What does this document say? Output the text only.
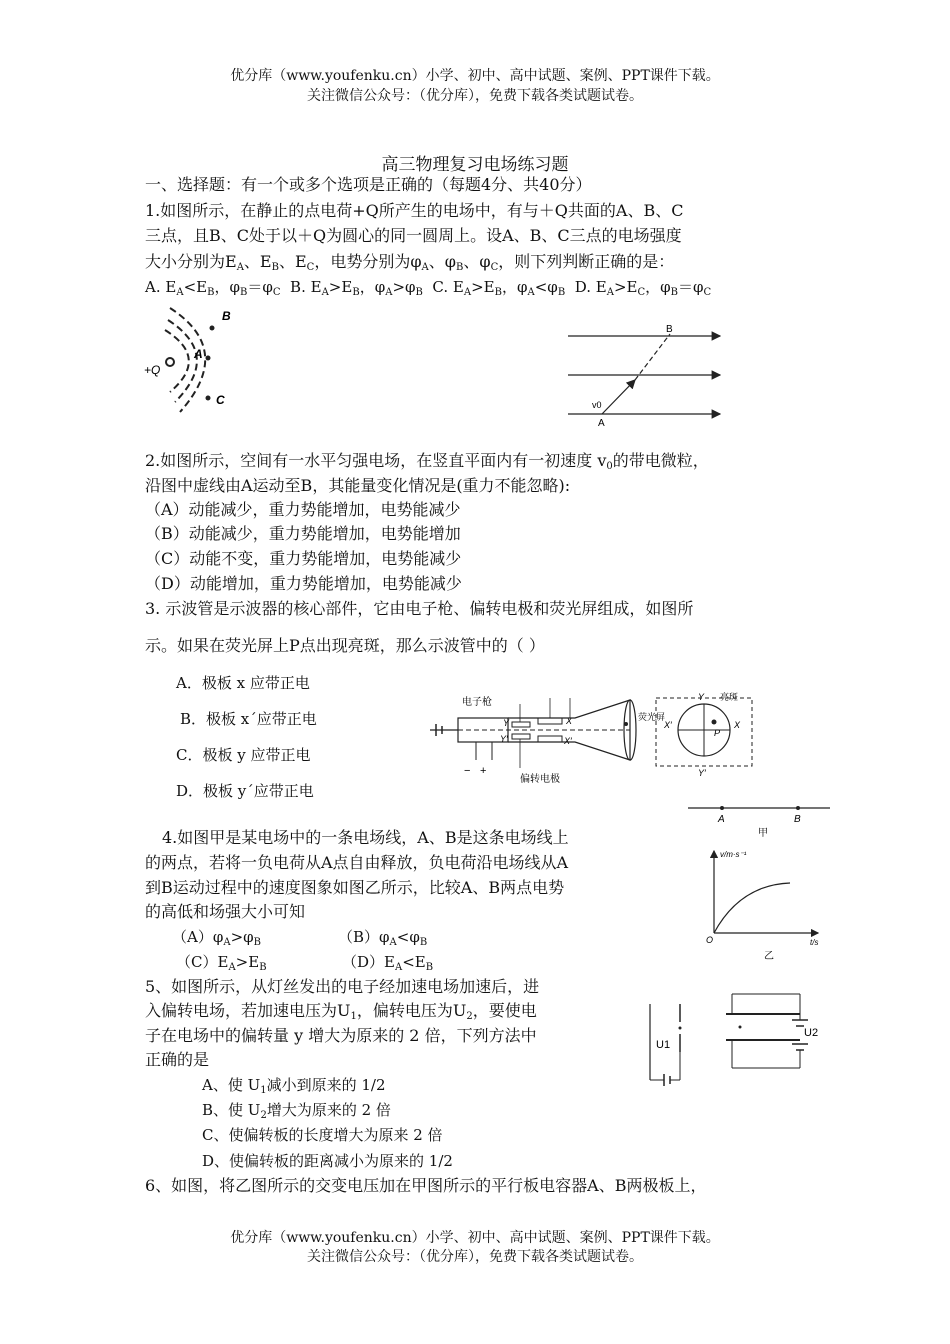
优分库（www.youfenku.cn）小学、初中、高中试题、案例、PPT课件下载。
关注微信公众号：（优分库），免费下载各类试题试卷。
高三物理复习电场练习题
一、选择题：有一个或多个选项是正确的（每题4分、共40分）
1.如图所示，在静止的点电荷+Q所产生的电场中，有与＋Q共面的A、B、C
三点，且B、C处于以＋Q为圆心的同一圆周上。设A、B、C三点的电场强度
大小分别为$E_A$、$E_B$、$E_C$，电势分别为$\varphi_A$、$\varphi_B$、$\varphi_C$，则下列判断正确的是：
A. $E_A<E_B$，$\varphi_B=\varphi_C$ B. $E_A>E_B$，$\varphi_A>\varphi_B$ C. $E_A>E_B$，$\varphi_A<\varphi_B$ D. $E_A>E_C$，$\varphi_B=\varphi_C$
+Q
A
B
C
B
A
v0
2.如图所示，空间有一水平匀强电场，在竖直平面内有一初速度 $v_0$的带电微粒，
沿图中虚线由A运动至B，其能量变化情况是(重力不能忽略):
（A）动能减少，重力势能增加，电势能减少
（B）动能减少，重力势能增加，电势能增加
（C）动能不变，重力势能增加，电势能减少
（D）动能增加，重力势能增加，电势能减少
3. 示波管是示波器的核心部件，它由电子枪、偏转电极和荧光屏组成，如图所
示。如果在荧光屏上P点出现亮斑，那么示波管中的（ ）
A．极板 x 应带正电
B．极板 x´应带正电
C．极板 y 应带正电
D．极板 y´应带正电
电子枪
− +
Y
Y′
X
X′
偏转电极
荧光屏
P
亮斑
Y
Y′
X
X′
A	B
甲
v/m·s⁻¹
t/s
O
乙
4.如图甲是某电场中的一条电场线，A、B是这条电场线上
的两点，若将一负电荷从A点自由释放，负电荷沿电场线从A
到B运动过程中的速度图象如图乙所示，比较A、B两点电势
的高低和场强大小可知
$(A)\varphi_A>\varphi_B$	$(B)\varphi_A<\varphi_B$
$(C)E_A>E_B$	$(D)E_A<E_B$
U2
U1
5、如图所示，从灯丝发出的电子经加速电场加速后，进
入偏转电场，若加速电压为$U_1$，偏转电压为$U_2$，要使电
子在电场中的偏转量 y 增大为原来的 2 倍，下列方法中
正确的是
A、使 $U_1$减小到原来的 1/2
B、使 $U_2$增大为原来的 2 倍
C、使偏转板的长度增大为原来 2 倍
D、使偏转板的距离减小为原来的 1/2
6、如图，将乙图所示的交变电压加在甲图所示的平行板电容器A、B两极板上，
优分库（www.youfenku.cn）小学、初中、高中试题、案例、PPT课件下载。
关注微信公众号：（优分库），免费下载各类试题试卷。
